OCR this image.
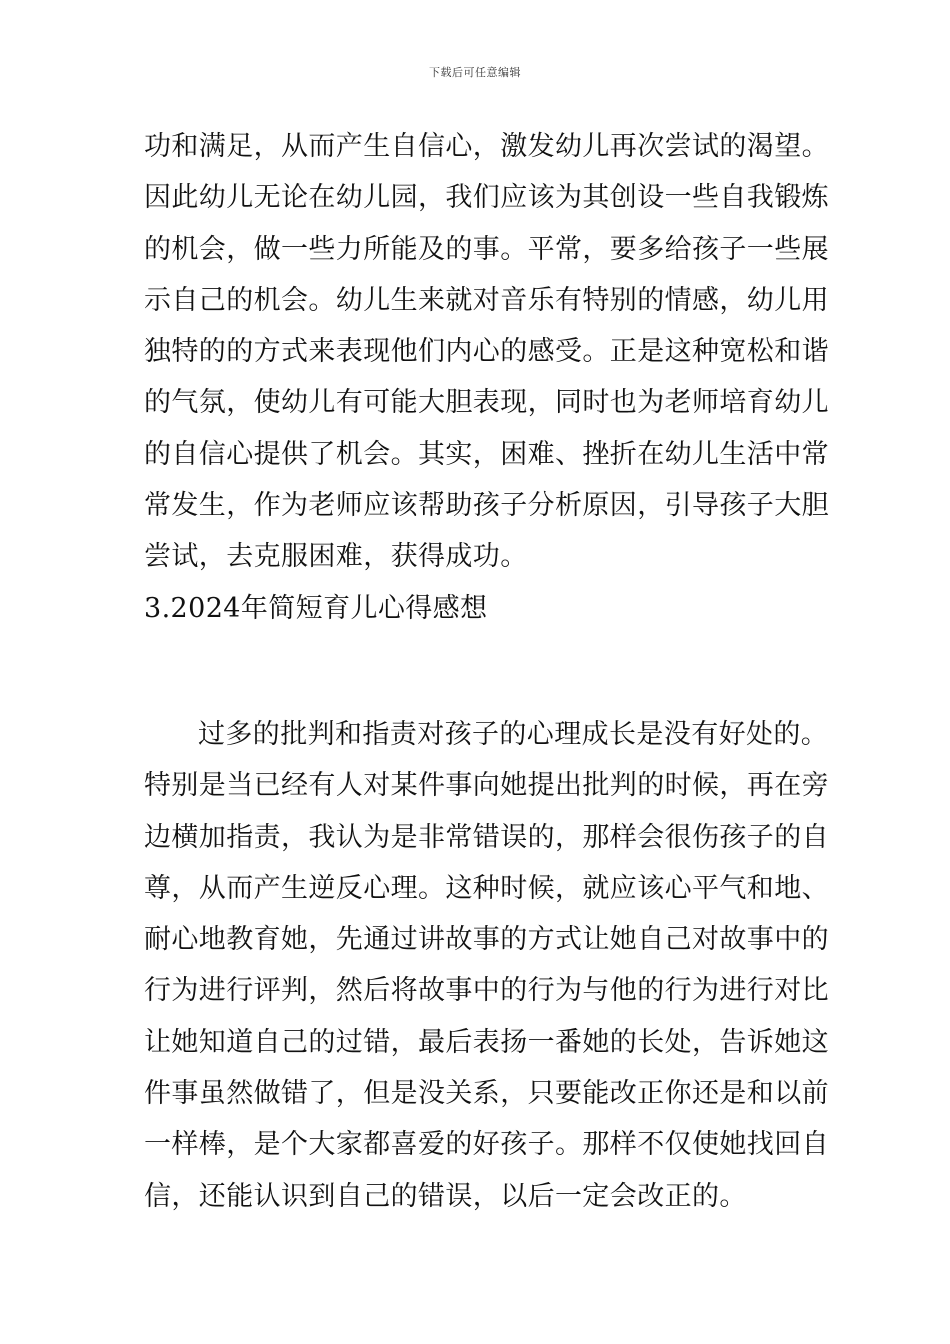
下载后可任意编辑
功和满足，从而产生自信心，激发幼儿再次尝试的渴望。
因此幼儿无论在幼儿园，我们应该为其创设一些自我锻炼
的机会，做一些力所能及的事。平常，要多给孩子一些展
示自己的机会。幼儿生来就对音乐有特别的情感，幼儿用
独特的的方式来表现他们内心的感受。正是这种宽松和谐
的气氛，使幼儿有可能大胆表现，同时也为老师培育幼儿
的自信心提供了机会。其实，困难、挫折在幼儿生活中常
常发生，作为老师应该帮助孩子分析原因，引导孩子大胆
尝试，去克服困难，获得成功。
3.2024年简短育儿心得感想
过多的批判和指责对孩子的心理成长是没有好处的。
特别是当已经有人对某件事向她提出批判的时候，再在旁
边横加指责，我认为是非常错误的，那样会很伤孩子的自
尊，从而产生逆反心理。这种时候，就应该心平气和地、
耐心地教育她，先通过讲故事的方式让她自己对故事中的
行为进行评判，然后将故事中的行为与他的行为进行对比
让她知道自己的过错，最后表扬一番她的长处，告诉她这
件事虽然做错了，但是没关系，只要能改正你还是和以前
一样棒，是个大家都喜爱的好孩子。那样不仅使她找回自
信，还能认识到自己的错误，以后一定会改正的。
